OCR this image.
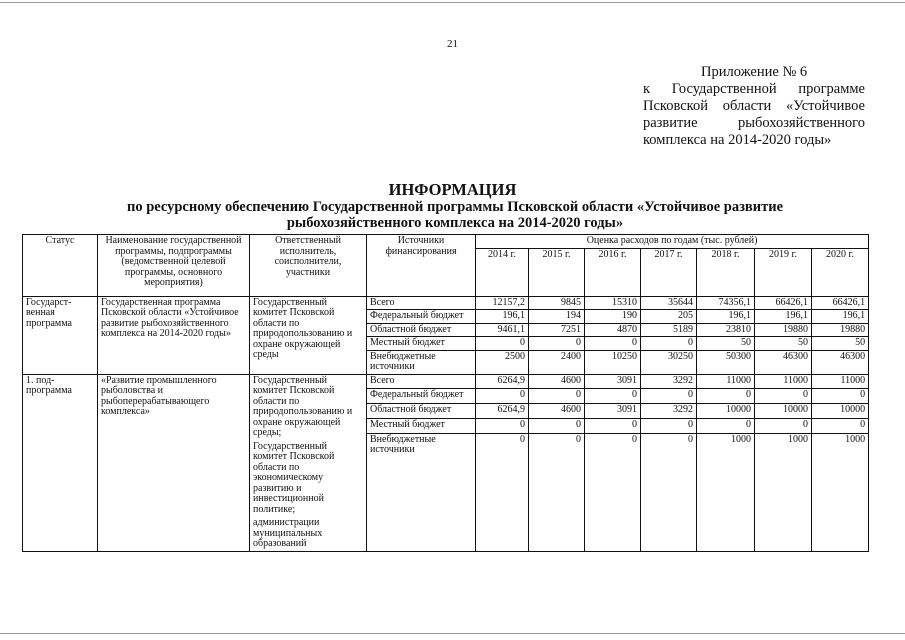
21
Приложение № 6
к Государственной программе
Псковской области «Устойчивое
развитие рыбохозяйственного
комплекса на 2014-2020 годы»
ИНФОРМАЦИЯ
по ресурсному обеспечению Государственной программы Псковской области «Устойчивое развитие рыбохозяйственного комплекса на 2014-2020 годы»
Статус	Наименование государственной программы, подпрограммы (ведомственной целевой программы, основного мероприятия)	Ответственный исполнитель, соисполнители, участники	Источники финансирования	Оценка расходов по годам (тыс. рублей)						
				2014 г.	2015 г.	2016 г.	2017 г.	2018 г.	2019 г.	2020 г.
Государст-венная программа	Государственная программа Псковской области «Устойчивое развитие рыбохозяйственного комплекса на 2014-2020 годы»	Государственный комитет Псковской области по природопользованию и охране окружающей среды	Всего	12157,2	9845	15310	35644	74356,1	66426,1	66426,1
			Федеральный бюджет	196,1	194	190	205	196,1	196,1	196,1
			Областной бюджет	9461,1	7251	4870	5189	23810	19880	19880
			Местный бюджет	0	0	0	0	50	50	50
			Внебюджетные источники	2500	2400	10250	30250	50300	46300	46300
1. под-программа	«Развитие промышленного рыболовства и рыбоперерабатывающего комплекса»	Государственный комитет Псковской области по природопользованию и охране окружающей среды;
Государственный комитет Псковской области по экономическому развитию и инвестиционной политике;
администрации муниципальных образований	Всего	6264,9	4600	3091	3292	11000	11000	11000
			Федеральный бюджет	0	0	0	0	0	0	0
			Областной бюджет	6264,9	4600	3091	3292	10000	10000	10000
			Местный бюджет	0	0	0	0	0	0	0
			Внебюджетные источники	0	0	0	0	1000	1000	1000
